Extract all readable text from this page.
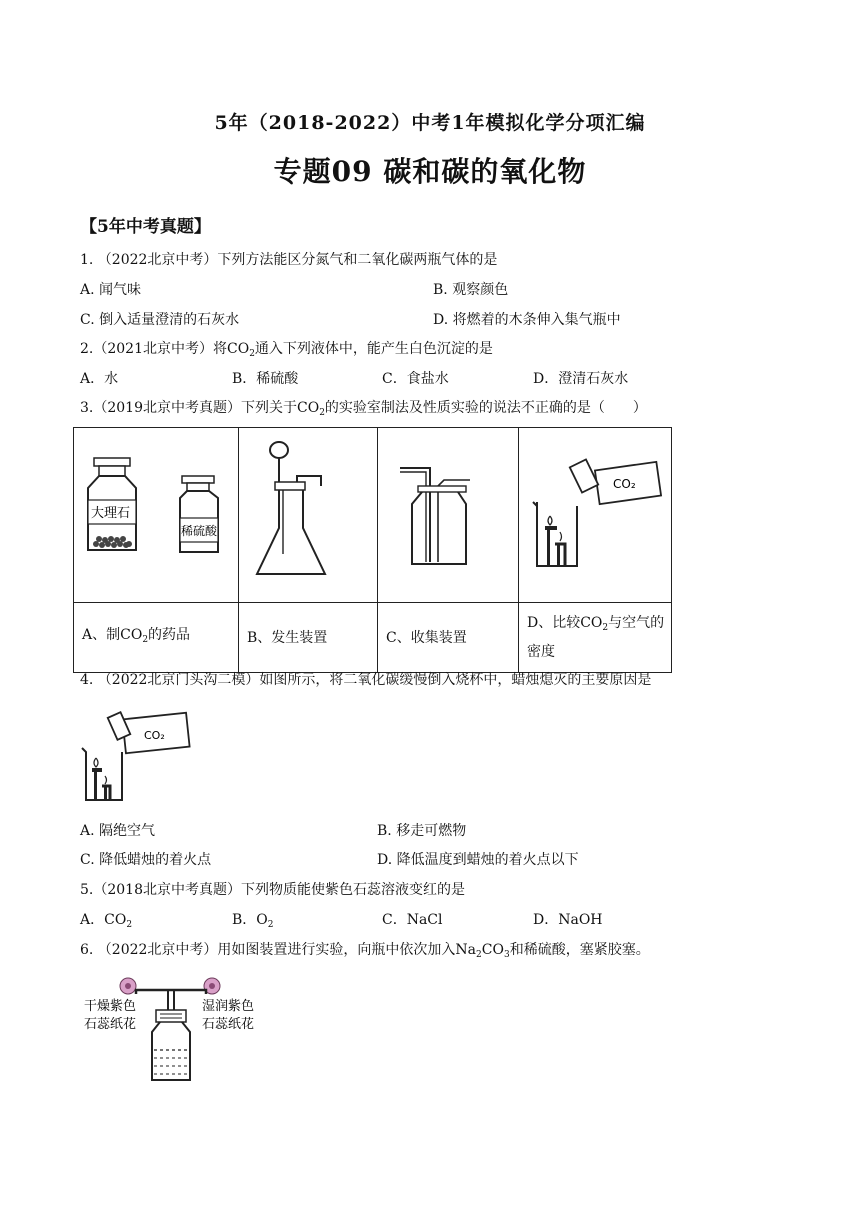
5年（2018-2022）中考1年模拟化学分项汇编
专题09 碳和碳的氧化物
【5年中考真题】
1. （2022北京中考）下列方法能区分氮气和二氧化碳两瓶气体的是
A. 闻气味	B. 观察颜色
C. 倒入适量澄清的石灰水	D. 将燃着的木条伸入集气瓶中
2.（2021北京中考）将$CO_2$通入下列液体中，能产生白色沉淀的是
A．水	B．稀硫酸	C．食盐水	D．澄清石灰水
3.（2019北京中考真题）下列关于$CO_2$的实验室制法及性质实验的说法不正确的是（　　）
大理石
稀硫酸			CO₂

A、制$CO_2$的药品	B、发生装置	C、收集装置	D、比较$CO_2$与空气的
密度
4. （2022北京门头沟二模）如图所示，将二氧化碳缓慢倒入烧杯中，蜡烛熄灭的主要原因是
CO₂
A. 隔绝空气	B. 移走可燃物
C. 降低蜡烛的着火点	D. 降低温度到蜡烛的着火点以下
5.（2018北京中考真题）下列物质能使紫色石蕊溶液变红的是
A．$CO_2$	B．$O_2$	C．NaCl	D．NaOH
6. （2022北京中考）用如图装置进行实验，向瓶中依次加入$Na_2CO_3$和稀硫酸，塞紧胶塞。
干燥紫色
石蕊纸花
湿润紫色
石蕊纸花
